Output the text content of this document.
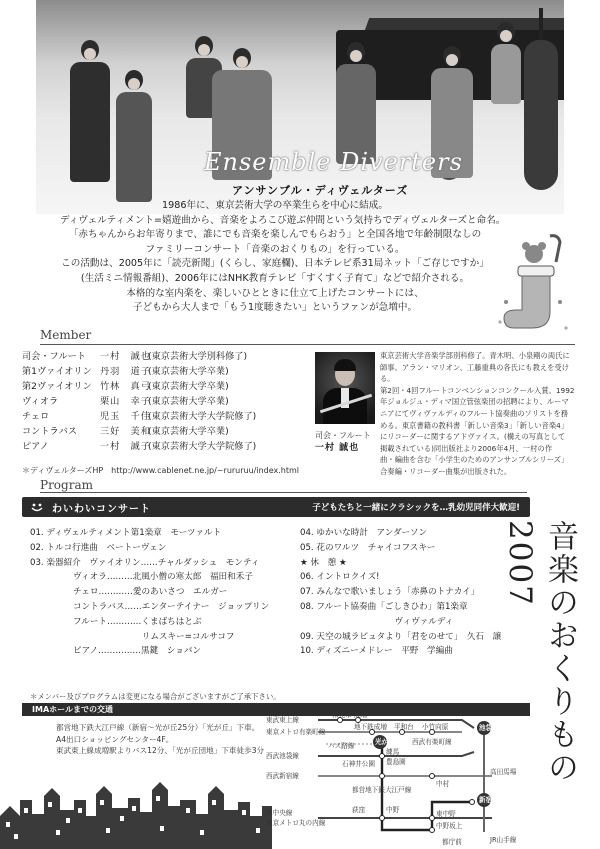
Ensemble Diverters
アンサンブル・ディヴェルターズ

1986年に、東京芸術大学の卒業生らを中心に結成。

ディヴェルティメント=嬉遊曲から、音楽をよろこび遊ぶ仲間という気持ちでディヴェルターズと命名。

「赤ちゃんからお年寄りまで、誰にでも音楽を楽しんでもらおう」と全国各地で年齢制限なしの

ファミリーコンサート「音楽のおくりもの」を行っている。

この活動は、2005年に「読売新聞」(くらし、家庭欄)、日本テレビ系31局ネット「ご存じですか」

(生活ミニ情報番組)、2006年にはNHK教育テレビ「すくすく子育て」などで紹介される。

本格的な室内楽を、楽しいひとときに仕立て上げたコンサートには、

子どもから大人まで「もう1度聴きたい」というファンが急増中。

Member
司会・フルート	一村　誠也
(東京芸術大学別科修了)
第1ヴァイオリン 丹羽　道子
(東京芸術大学卒業)
第2ヴァイオリン 竹林　真弓
(東京芸術大学卒業)
ヴィオラ	栗山　幸子
(東京芸術大学卒業)
チェロ	児玉　千佳
(東京芸術大学大学院修了)
コントラバス	三好　美和
(東京芸術大学卒業)
ピアノ	一村　誠子
(東京芸術大学大学院修了)
＊ディヴェルターズHP　http://www.cablenet.ne.jp/~rururuu/index.html
司会・フルート
一村 誠也
東京芸術大学音楽学部別科修了。青木明、小泉剛の両氏に
師事。アラン・マリオン、工藤重典の各氏にも教えを受ける。
第2回・4回フルートコンベンションコンクール入賞。1992
年ジョルジュ・ディマ国立管弦楽団の招聘により、ルーマ
ニアにてヴィヴァルディのフルート協奏曲のソリストを務
める。東京書籍の教科書「新しい音楽3」「新しい音楽4」
にリコーダーに関するアドヴァイス。(構えの写真として
掲載されている)同出版社より2006年4月、一村の作
曲・編曲を含む「小学生のためのアンサンブルシリーズ」
合奏編・リコーダー曲集が出版された。
Program
わいわいコンサート	子どもたちと一緒にクラシックを…乳幼児同伴大歓迎!
01. ディヴェルティメント第1楽章　モーツァルト
02. トルコ行進曲　ベートーヴェン
03. 楽器紹介　ヴァイオリン……チャルダッシュ　モンティ
　　　　　ヴィオラ………北風小僧の寒太郎　福田和禾子
　　　　　チェロ…………愛のあいさつ　エルガー
　　　　　コントラバス……エンターテイナー　ジョップリン
　　　　　フルート…………くまばちはとぶ
　　　　　　　　　　　　　リムスキー=コルサコフ
　　　　　ピアノ……………黒鍵　ショパン
04. ゆかいな時計　アンダーソン
05. 花のワルツ　チャイコフスキー
★ 休　憩 ★
06. イントロクイズ!
07. みんなで歌いましょう「赤鼻のトナカイ」
08. フルート協奏曲「ごしきひわ」第1楽章
　　　　　　　　　　　ヴィヴァルディ
09. 天空の城ラピュタより「君をのせて」　久石　譲
10. ディズニーメドレー　平野　学編曲	音楽のおくりもの2007
＊メンバー及びプログラムは変更になる場合がございますがご了承下さい。
IMAホールまでの交通
都営地下鉄大江戸線（新宿〜光が丘25分）「光が丘」下車。
A4出口ショッピングセンター4F。
東武東上線成増駅よりバス12分、「光が丘団地」下車徒歩3分
光が丘
池袋
新宿
東武東上線
東京メトロ有楽町線
西武池袋線
西武新宿線
JR中央線
東京メトロ丸の内線
都営地下鉄大江戸線
西武有楽町線
JR山手線
バス路線
和光市 成増
地下鉄成増 平和台 小竹向原
練馬
豊島園
石神井公園
中村
高田馬場
中野
荻窪	東中野
中野坂上
都庁前
